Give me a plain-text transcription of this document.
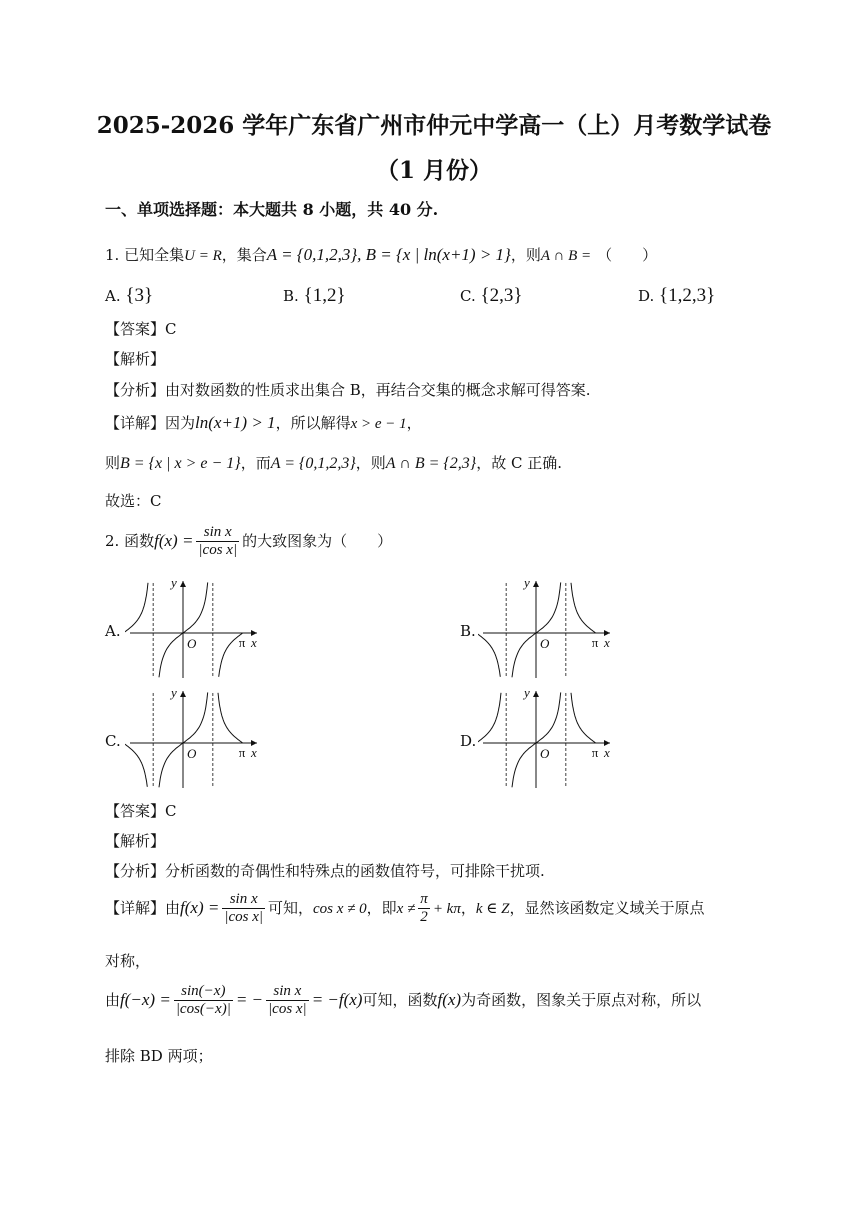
2025-2026 学年广东省广州市仲元中学高一（上）月考数学试卷
（1 月份）
一、单项选择题：本大题共 8 小题，共 40 分.
1. 已知全集U = R，集合A = {0,1,2,3}, B = {x | ln(x+1) > 1}，则A ∩ B = （　　）
A. {3}	B. {1,2}	C. {2,3}	D. {1,2,3}
【答案】C
【解析】
【分析】由对数函数的性质求出集合 B，再结合交集的概念求解可得答案.
【详解】因为ln(x+1) > 1，所以解得x > e − 1，
则B = {x | x > e − 1}，而A = {0,1,2,3}，则A ∩ B = {2,3}，故 C 正确.
故选：C
2. 函数$f(x) = \frac{\text{sin x}}{\text{|cos x|}}$ 的大致图象为（　　）
A.	B.
C.	D.
y
x
O	π
y
x
O	π
y
x
O	π
y
x
O	π
【答案】C
【解析】
【分析】分析函数的奇偶性和特殊点的函数值符号，可排除干扰项.
【详解】由$f(x) = \frac{\text{sin x}}{\text{|cos x|}}$ 可知，cos x ≠ 0，即$x \ne \frac{\pi}{2} + k\pi$，k ∈ Z，显然该函数定义域关于原点
对称，
由$f(-x) = \frac{\sin(-x)}{|\cos(-x)|}$ = − $\frac{\text{sin x}}{\text{|cos x|}} = -f(x)$可知，函数f(x)为奇函数，图象关于原点对称，所以
排除 BD 两项；
